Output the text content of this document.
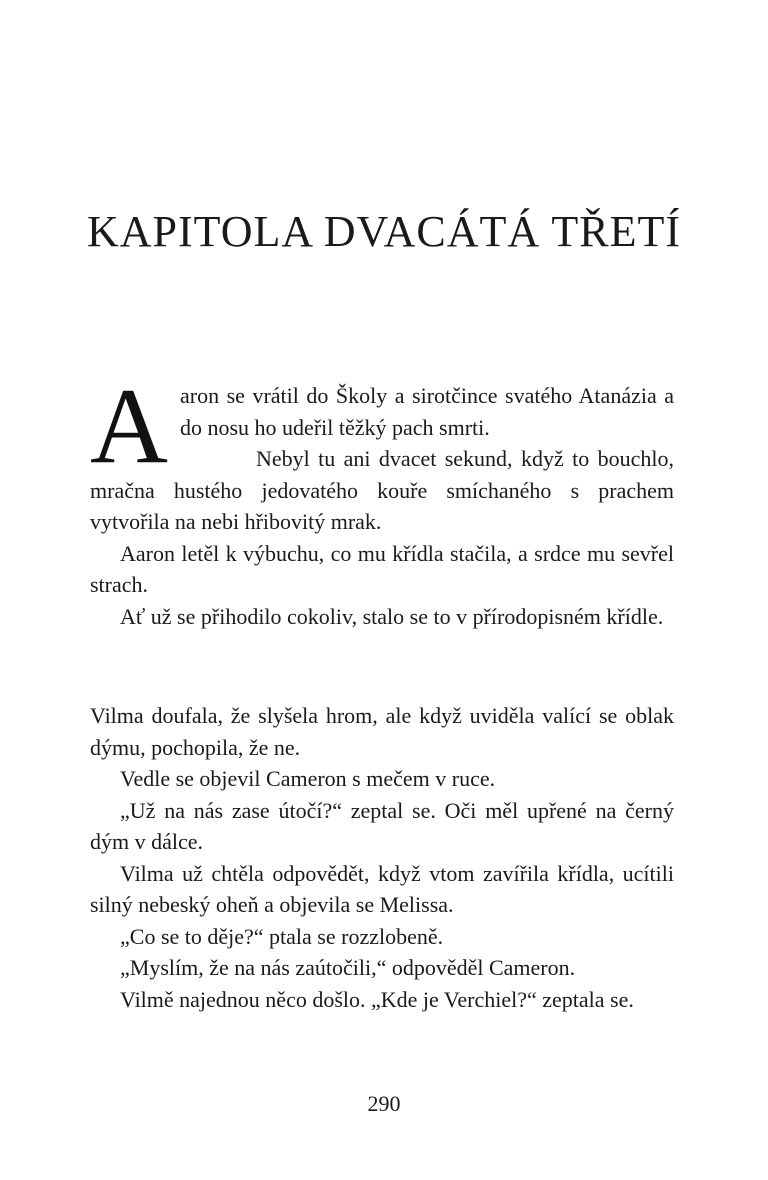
KAPITOLA DVACÁTÁ TŘETÍ
A aron se vrátil do Školy a sirotčince svatého Atanázia a do nosu ho udeřil těžký pach smrti.

Nebyl tu ani dvacet sekund, když to bouchlo, mračna hustého jedovatého kouře smíchaného s prachem vytvořila na nebi hřibovitý mrak.

Aaron letěl k výbuchu, co mu křídla stačila, a srdce mu sevřel strach.

Ať už se přihodilo cokoliv, stalo se to v přírodopisném křídle.

Vilma doufala, že slyšela hrom, ale když uviděla valící se oblak dýmu, pochopila, že ne.

Vedle se objevil Cameron s mečem v ruce.

„Už na nás zase útočí?“ zeptal se. Oči měl upřené na černý dým v dálce.

Vilma už chtěla odpovědět, když vtom zavířila křídla, ucítili silný nebeský oheň a objevila se Melissa.

„Co se to děje?“ ptala se rozzlobeně.

„Myslím, že na nás zaútočili,“ odpověděl Cameron.

Vilmě najednou něco došlo. „Kde je Verchiel?“ zeptala se.

290
